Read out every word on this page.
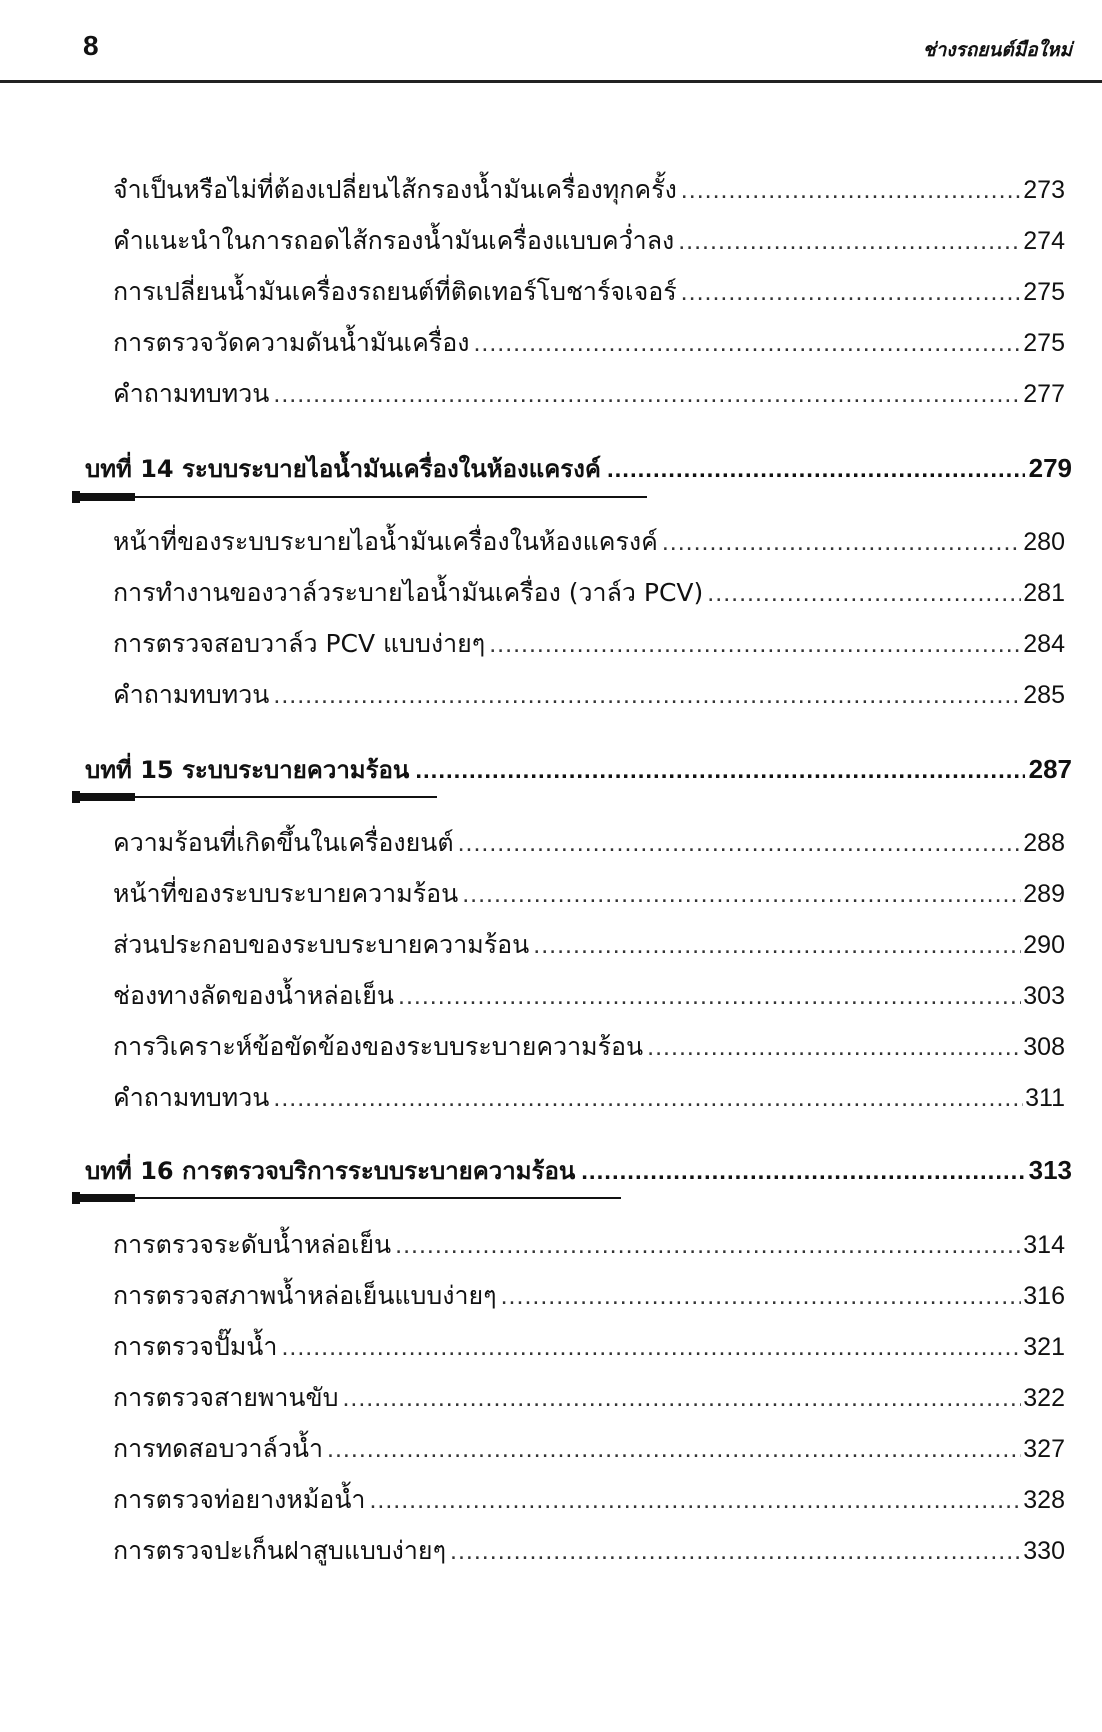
8	ช่างรถยนต์มือใหม่
จำเป็นหรือไม่ที่ต้องเปลี่ยนไส้กรองน้ำมันเครื่องทุกครั้ง .....	273
คำแนะนำในการถอดไส้กรองน้ำมันเครื่องแบบคว่ำลง .....	274
การเปลี่ยนน้ำมันเครื่องรถยนต์ที่ติดเทอร์โบชาร์จเจอร์ .....	275
การตรวจวัดความดันน้ำมันเครื่อง .....	275
คำถามทบทวน .....	277
บทที่ 14 ระบบระบายไอน้ำมันเครื่องในห้องแครงค์ .....	279
หน้าที่ของระบบระบายไอน้ำมันเครื่องในห้องแครงค์ .....	280
การทำงานของวาล์วระบายไอน้ำมันเครื่อง (วาล์ว PCV) .....	281
การตรวจสอบวาล์ว PCV แบบง่ายๆ .....	284
คำถามทบทวน .....	285
บทที่ 15 ระบบระบายความร้อน .....	287
ความร้อนที่เกิดขึ้นในเครื่องยนต์ .....	288
หน้าที่ของระบบระบายความร้อน .....	289
ส่วนประกอบของระบบระบายความร้อน .....	290
ช่องทางลัดของน้ำหล่อเย็น .....	303
การวิเคราะห์ข้อขัดข้องของระบบระบายความร้อน .....	308
คำถามทบทวน .....	311
บทที่ 16 การตรวจบริการระบบระบายความร้อน .....	313
การตรวจระดับน้ำหล่อเย็น .....	314
การตรวจสภาพน้ำหล่อเย็นแบบง่ายๆ .....	316
การตรวจปั๊มน้ำ .....	321
การตรวจสายพานขับ .....	322
การทดสอบวาล์วน้ำ .....	327
การตรวจท่อยางหม้อน้ำ .....	328
การตรวจปะเก็นฝาสูบแบบง่ายๆ .....	330
